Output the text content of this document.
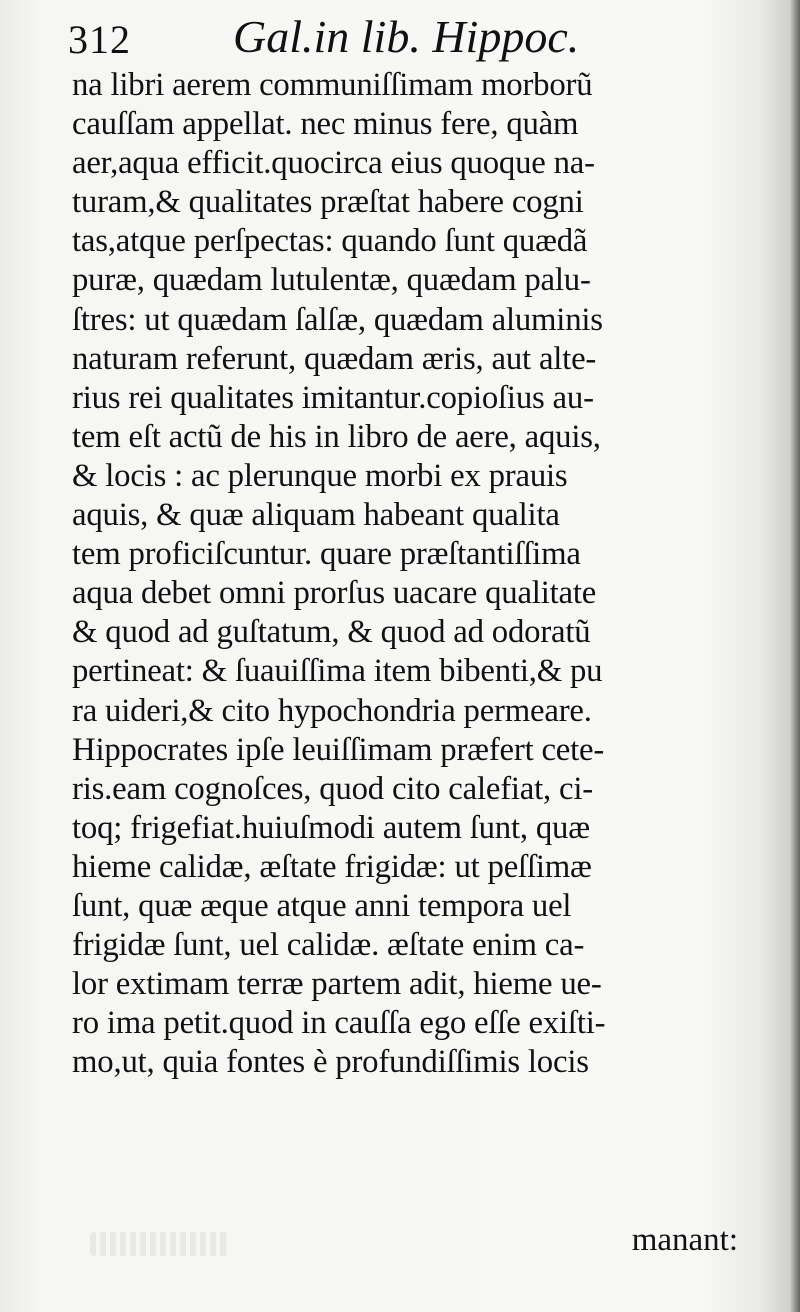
312 Gal.in lib. Hippoc.
na libri aerem communiſſimam morborũ
cauſſam appellat. nec minus fere, quàm
aer,aqua efficit.quocirca eius quoque na-
turam,& qualitates præſtat habere cogni
tas,atque perſpectas: quando ſunt quædã
puræ, quædam lutulentæ, quædam palu-
ſtres: ut quædam ſalſæ, quædam aluminis
naturam referunt, quædam æris, aut alte-
rius rei qualitates imitantur.copioſius au-
tem eſt actũ de his in libro de aere, aquis,
& locis : ac plerunque morbi ex prauis
aquis, & quæ aliquam habeant qualita
tem proficiſcuntur. quare præſtantiſſima
aqua debet omni prorſus uacare qualitate
& quod ad guſtatum, & quod ad odoratũ
pertineat: & ſuauiſſima item bibenti,& pu
ra uideri,& cito hypochondria permeare.
Hippocrates ipſe leuiſſimam præfert cete-
ris.eam cognoſces, quod cito calefiat, ci-
toq; frigefiat.huiuſmodi autem ſunt, quæ
hieme calidæ, æſtate frigidæ: ut peſſimæ
ſunt, quæ æque atque anni tempora uel
frigidæ ſunt, uel calidæ. æſtate enim ca-
lor extimam terræ partem adit, hieme ue-
ro ima petit.quod in cauſſa ego eſſe exiſti-
mo,ut, quia fontes è profundiſſimis locis
manant:
